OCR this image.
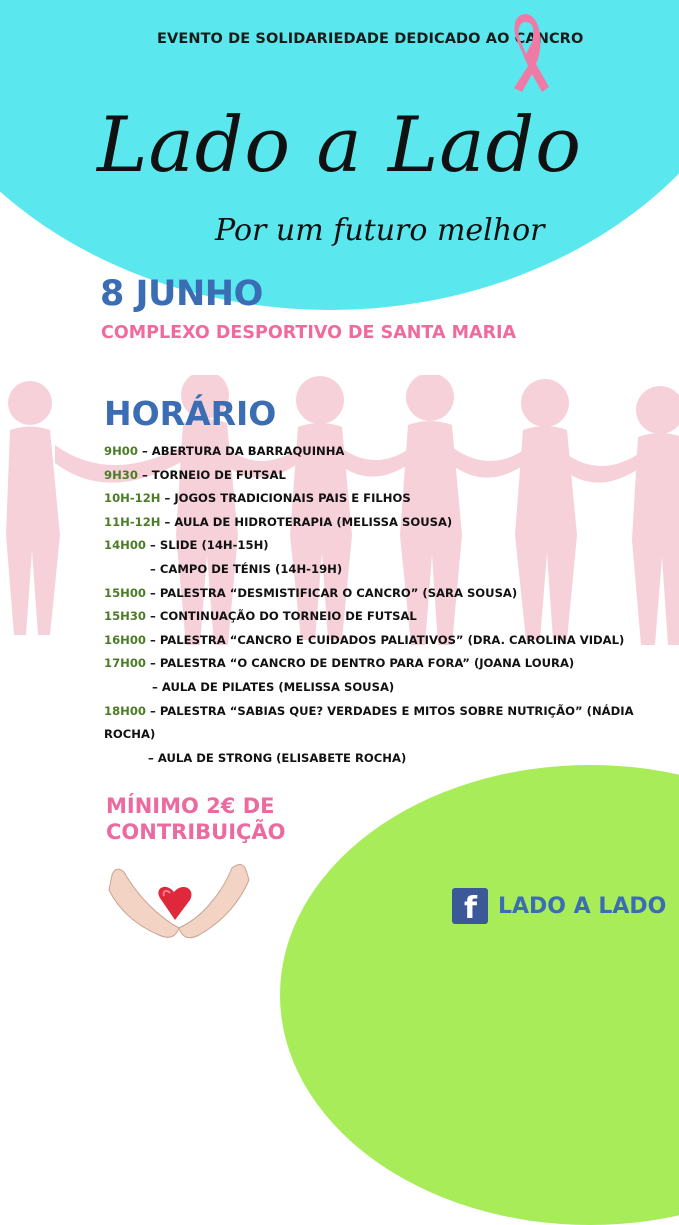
EVENTO DE SOLIDARIEDADE DEDICADO AO CANCRO
Lado a Lado
Por um futuro melhor
8 JUNHO
COMPLEXO DESPORTIVO DE SANTA MARIA
HORÁRIO
9H00 – ABERTURA DA BARRAQUINHA
9H30 – TORNEIO DE FUTSAL
10H-12H – JOGOS TRADICIONAIS PAIS E FILHOS
11H-12H – AULA DE HIDROTERAPIA (MELISSA SOUSA)
14H00 – SLIDE (14H-15H)
– CAMPO DE TÉNIS (14H-19H)
15H00 – PALESTRA “DESMISTIFICAR O CANCRO” (SARA SOUSA)
15H30 – CONTINUAÇÃO DO TORNEIO DE FUTSAL
16H00 – PALESTRA “CANCRO E CUIDADOS PALIATIVOS” (DRA. CAROLINA VIDAL)
17H00 – PALESTRA “O CANCRO DE DENTRO PARA FORA” (JOANA LOURA)
– AULA DE PILATES (MELISSA SOUSA)
18H00 – PALESTRA “SABIAS QUE? VERDADES E MITOS SOBRE NUTRIÇÃO” (NÁDIA ROCHA)
– AULA DE STRONG (ELISABETE ROCHA)
MÍNIMO 2€ DE
CONTRIBUIÇÃO
f LADO A LADO
